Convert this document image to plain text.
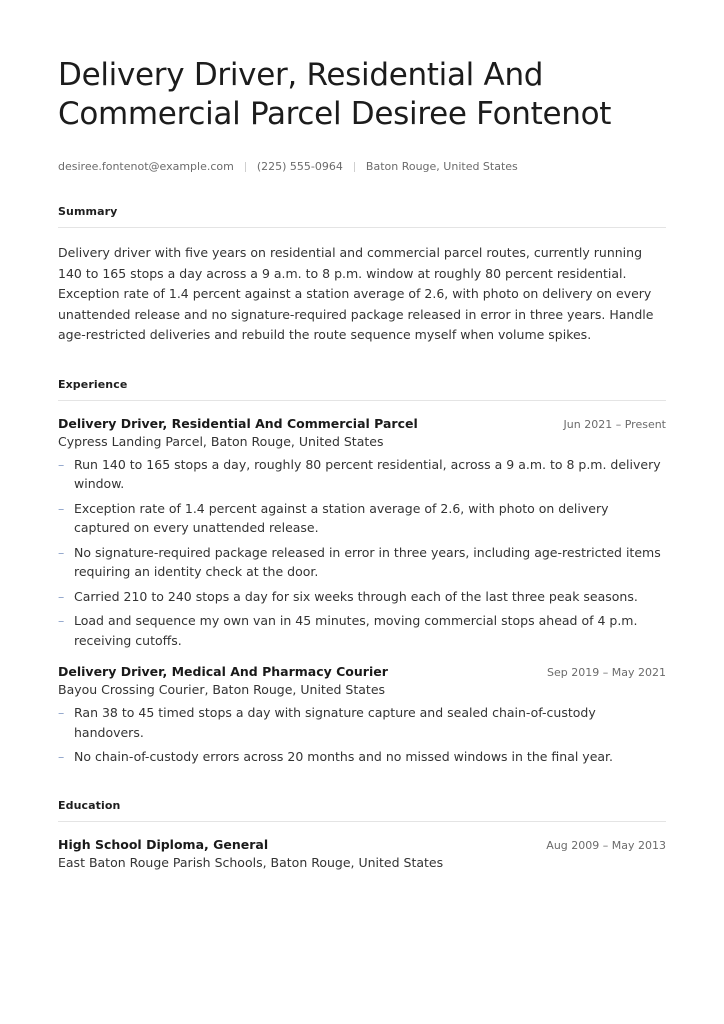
Delivery Driver, Residential And Commercial Parcel Desiree Fontenot
desiree.fontenot@example.com (225) 555-0964 Baton Rouge, United States
Summary
Delivery driver with five years on residential and commercial parcel routes, currently running 140 to 165 stops a day across a 9 a.m. to 8 p.m. window at roughly 80 percent residential. Exception rate of 1.4 percent against a station average of 2.6, with photo on delivery on every unattended release and no signature-required package released in error in three years. Handle age-restricted deliveries and rebuild the route sequence myself when volume spikes.
Experience
Delivery Driver, Residential And Commercial Parcel	Jun 2021 – Present
Cypress Landing Parcel, Baton Rouge, United States
– Run 140 to 165 stops a day, roughly 80 percent residential, across a 9 a.m. to 8 p.m. delivery window.
– Exception rate of 1.4 percent against a station average of 2.6, with photo on delivery captured on every unattended release.
– No signature-required package released in error in three years, including age-restricted items requiring an identity check at the door.
– Carried 210 to 240 stops a day for six weeks through each of the last three peak seasons.
– Load and sequence my own van in 45 minutes, moving commercial stops ahead of 4 p.m. receiving cutoffs.
Delivery Driver, Medical And Pharmacy Courier	Sep 2019 – May 2021
Bayou Crossing Courier, Baton Rouge, United States
– Ran 38 to 45 timed stops a day with signature capture and sealed chain-of-custody handovers.
– No chain-of-custody errors across 20 months and no missed windows in the final year.
Education
High School Diploma, General	Aug 2009 – May 2013
East Baton Rouge Parish Schools, Baton Rouge, United States
